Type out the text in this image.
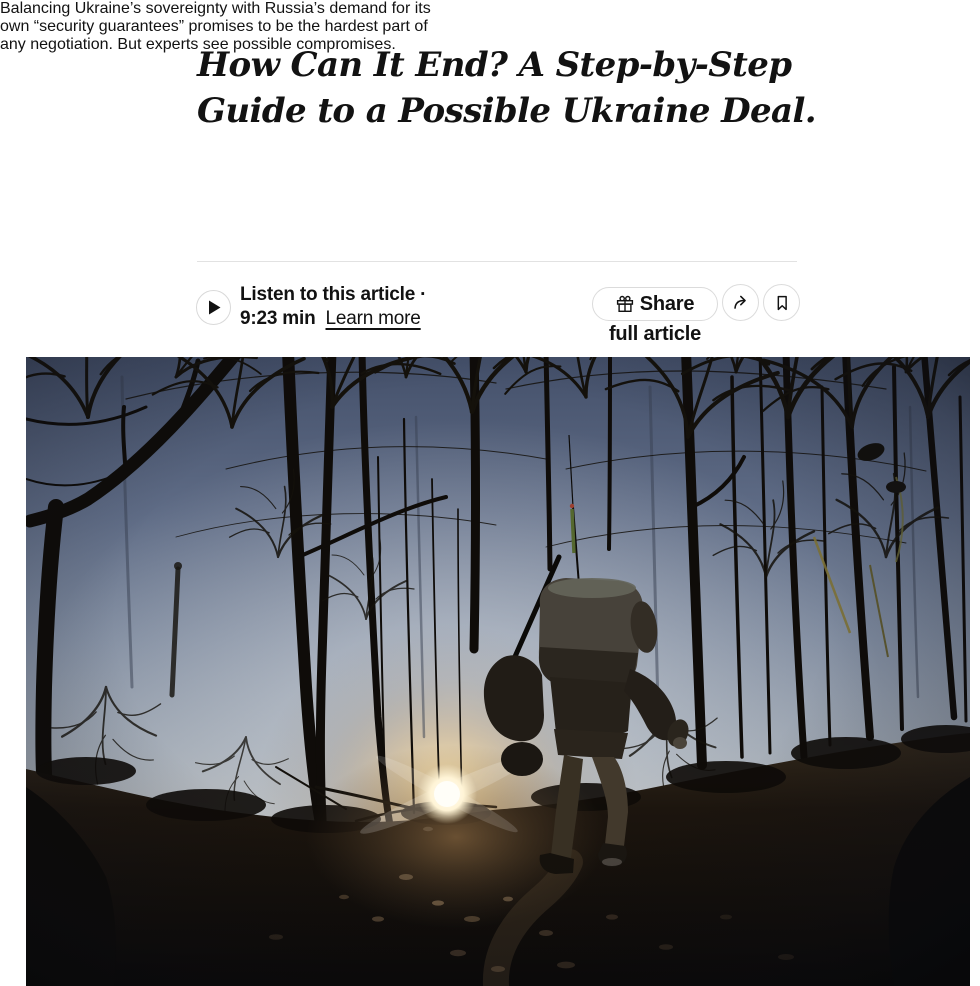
How Can It End? A Step-by-Step
Guide to a Possible Ukraine Deal.

Balancing Ukraine’s sovereignty with Russia’s demand for its
own “security guarantees” promises to be the hardest part of
any negotiation. But experts see possible compromises.

Listen to this article ·
9:23 min Learn more
Share
full article
